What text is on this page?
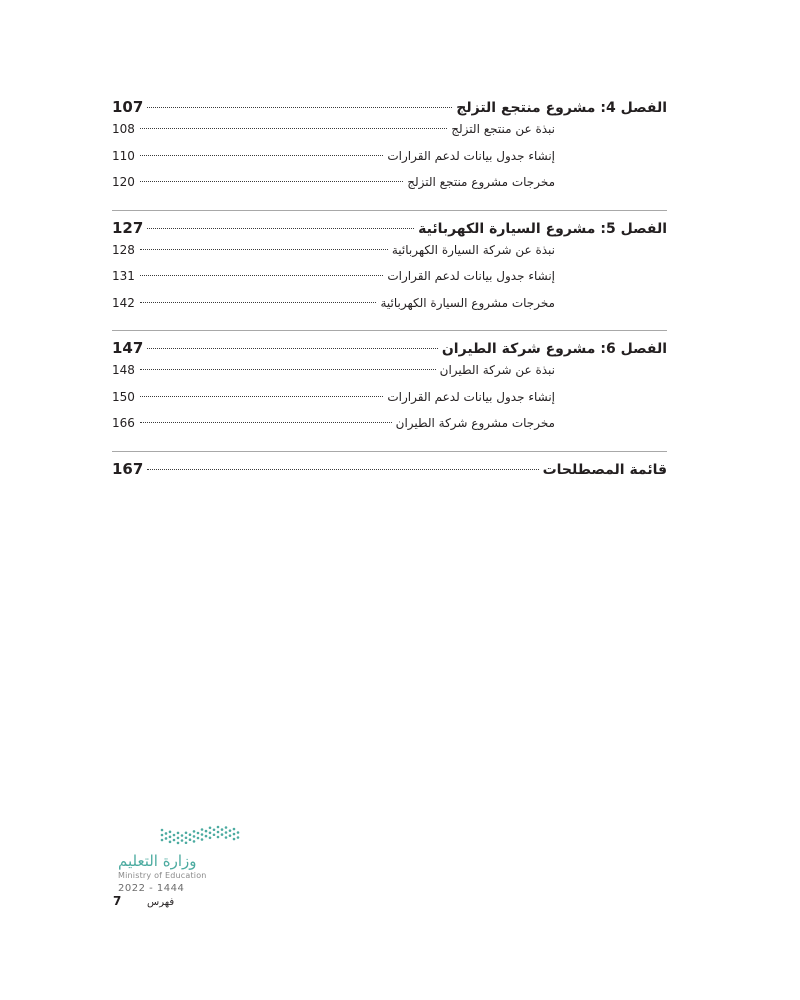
الفصل 4: مشروع منتجع التزلج
107
نبذة عن منتجع التزلج
108
إنشاء جدول بيانات لدعم القرارات
110
مخرجات مشروع منتجع التزلج
120
الفصل 5: مشروع السيارة الكهربائية
127
نبذة عن شركة السيارة الكهربائية
128
إنشاء جدول بيانات لدعم القرارات
131
مخرجات مشروع السيارة الكهربائية
142
الفصل 6: مشروع شركة الطيران
147
نبذة عن شركة الطيران
148
إنشاء جدول بيانات لدعم القرارات
150
مخرجات مشروع شركة الطيران
166
قائمة المصطلحات
167
وزارة التعليم
Ministry of Education
2022 - 1444
7	فهرس
